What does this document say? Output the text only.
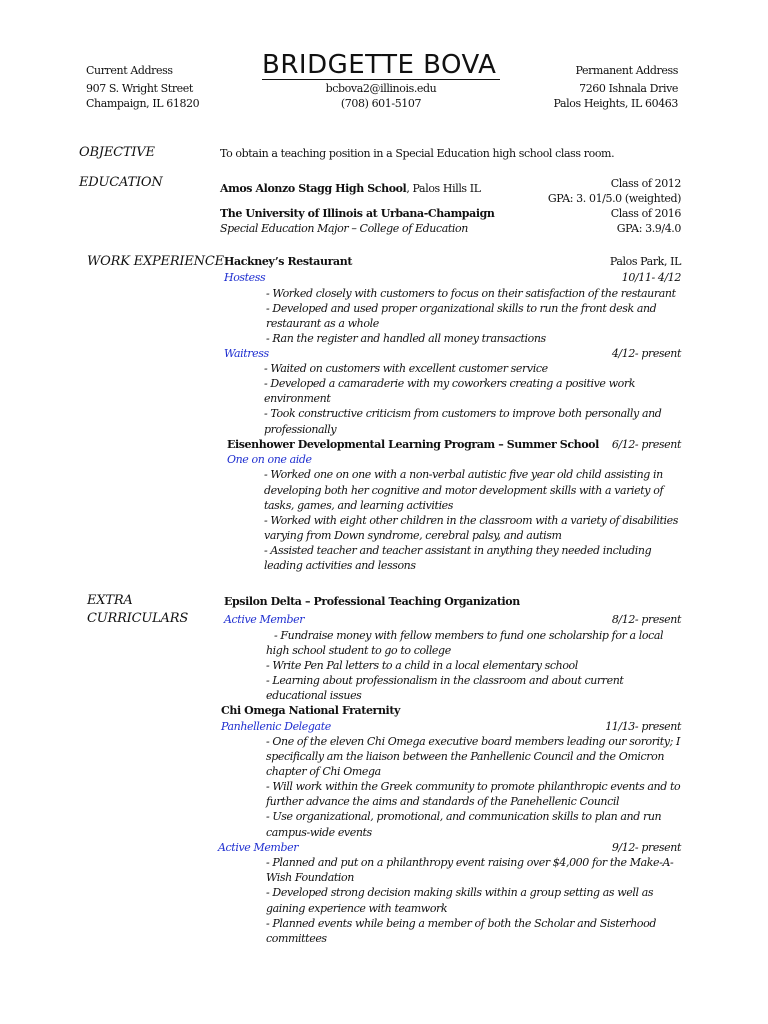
Current Address
907 S. Wright Street
Champaign, IL 61820
BRIDGETTE BOVA
bcbova2@illinois.edu
(708) 601-5107
Permanent Address
7260 Ishnala Drive
Palos Heights, IL 60463
OBJECTIVE	To obtain a teaching position in a Special Education high school class room.
EDUCATION	Amos Alonzo Stagg High School, Palos Hills IL	Class of 2012
GPA: 3. 01/5.0 (weighted)
The University of Illinois at Urbana-Champaign	Class of 2016
Special Education Major – College of Education	GPA: 3.9/4.0
WORK EXPERIENCE Hackney’s Restaurant	Palos Park, IL
Hostess	10/11- 4/12
- Worked closely with customers to focus on their satisfaction of the restaurant
- Developed and used proper organizational skills to run the front desk and
restaurant as a whole
- Ran the register and handled all money transactions
Waitress	4/12- present
- Waited on customers with excellent customer service
- Developed a camaraderie with my coworkers creating a positive work
environment
- Took constructive criticism from customers to improve both personally and
professionally
Eisenhower Developmental Learning Program – Summer School	6/12- present
One on one aide
- Worked one on one with a non-verbal autistic five year old child assisting in
developing both her cognitive and motor development skills with a variety of
tasks, games, and learning activities
- Worked with eight other children in the classroom with a variety of disabilities
varying from Down syndrome, cerebral palsy, and autism
- Assisted teacher and teacher assistant in anything they needed including
leading activities and lessons
EXTRA
CURRICULARS
Epsilon Delta – Professional Teaching Organization
Active Member	8/12- present
- Fundraise money with fellow members to fund one scholarship for a local
high school student to go to college
- Write Pen Pal letters to a child in a local elementary school
- Learning about professionalism in the classroom and about current
educational issues
Chi Omega National Fraternity
Panhellenic Delegate	11/13- present
- One of the eleven Chi Omega executive board members leading our sorority; I
specifically am the liaison between the Panhellenic Council and the Omicron
chapter of Chi Omega
- Will work within the Greek community to promote philanthropic events and to
further advance the aims and standards of the Panehellenic Council
- Use organizational, promotional, and communication skills to plan and run
campus-wide events
Active Member	9/12- present
- Planned and put on a philanthropy event raising over $4,000 for the Make-A-
Wish Foundation
- Developed strong decision making skills within a group setting as well as
gaining experience with teamwork
- Planned events while being a member of both the Scholar and Sisterhood
committees
